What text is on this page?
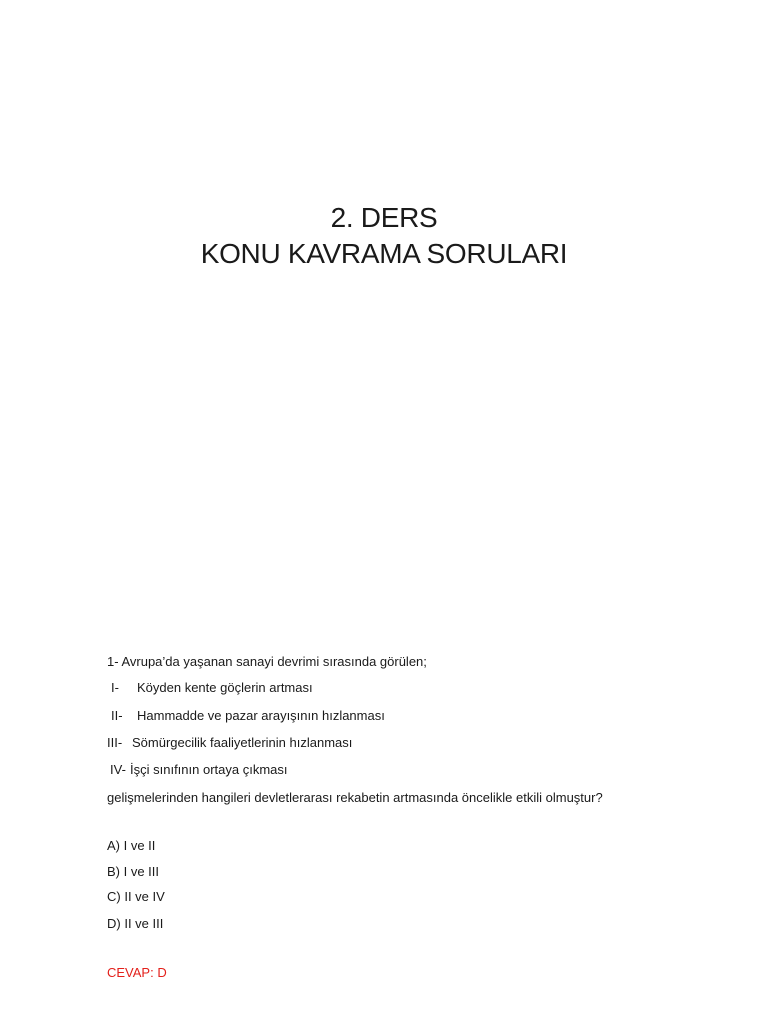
2. DERS
KONU KAVRAMA SORULARI
1- Avrupa’da yaşanan sanayi devrimi sırasında görülen;
I- Köyden kente göçlerin artması
II- Hammadde ve pazar arayışının hızlanması
III- Sömürgecilik faaliyetlerinin hızlanması
IV- İşçi sınıfının ortaya çıkması
gelişmelerinden hangileri devletlerarası rekabetin artmasında öncelikle etkili olmuştur?
A) I ve II
B) I ve III
C) II ve IV
D) II ve III
CEVAP: D
